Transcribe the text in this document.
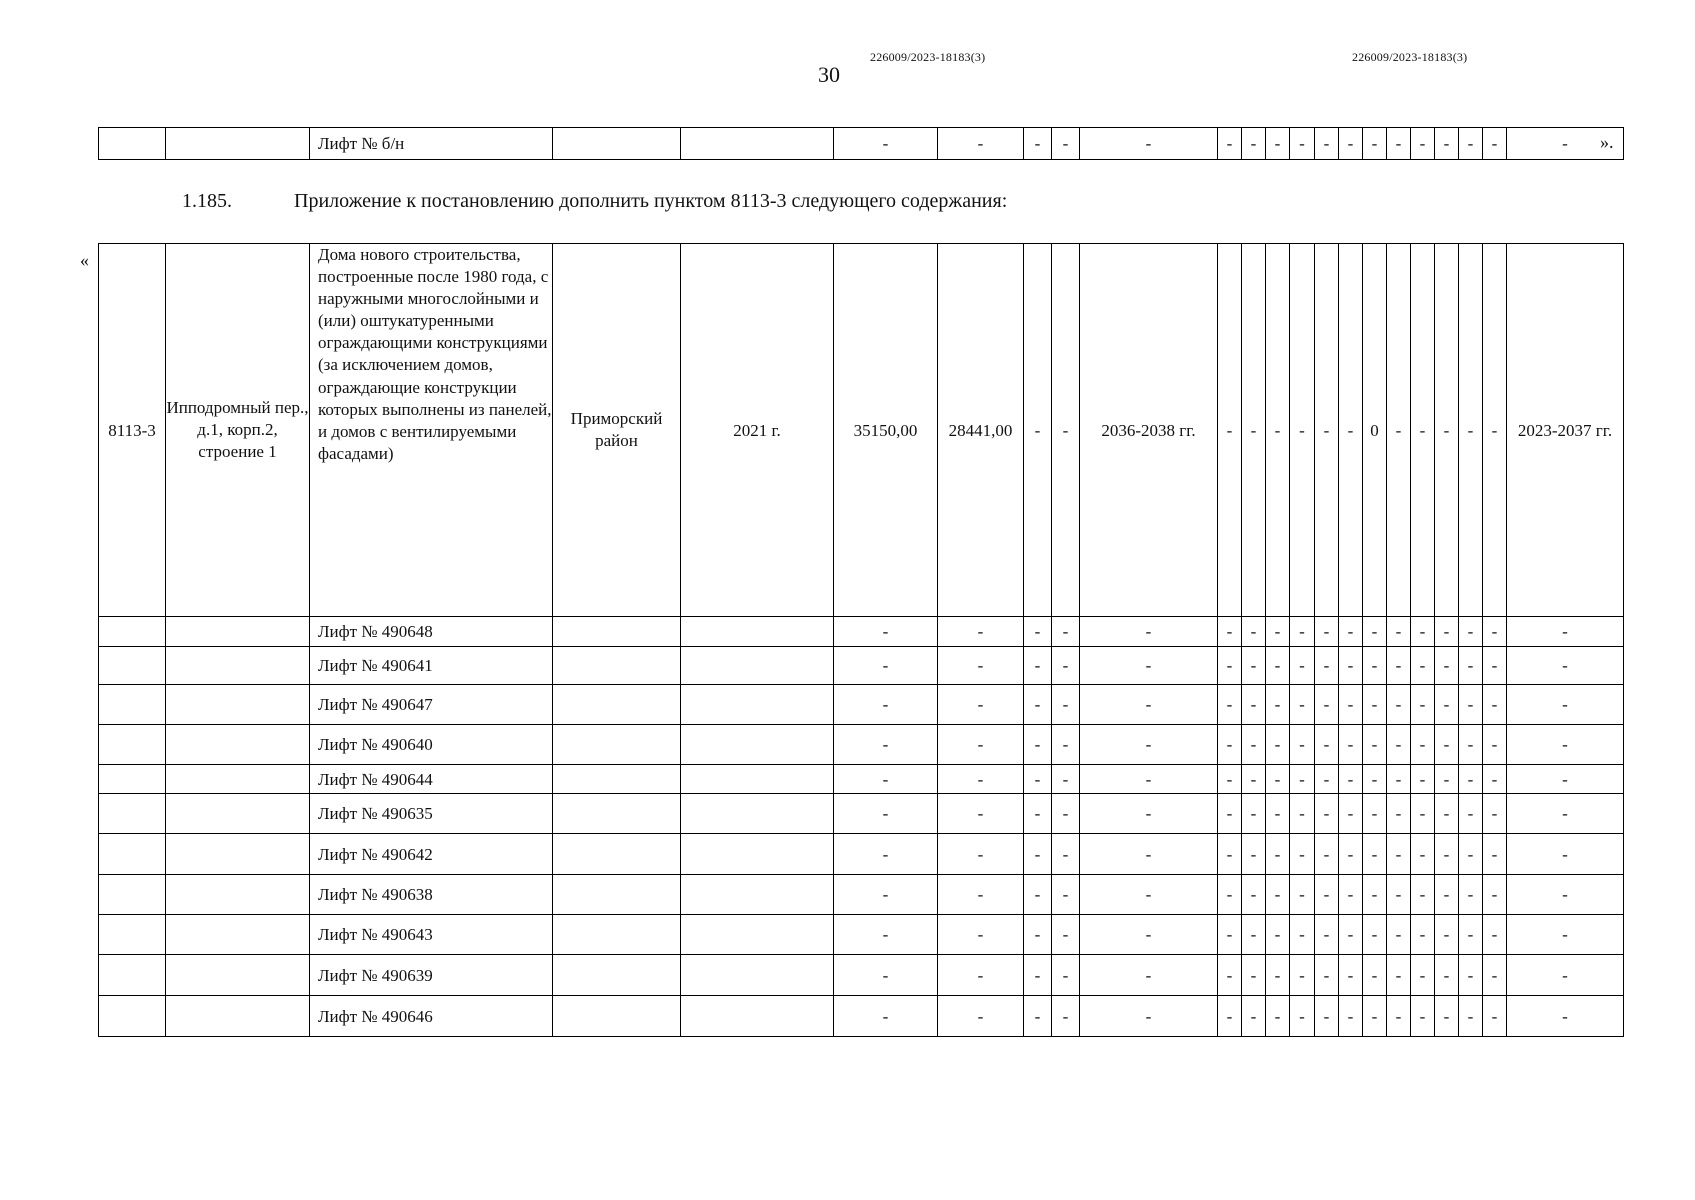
30
226009/2023-18183(3)	226009/2023-18183(3)
		Лифт № б/н			-	-	-	-	-	-	-	-	-	-	-	-	-	-	-	-	-	- ».
1.185.	Приложение к постановлению дополнить пунктом 8113-3 следующего содержания:
«
8113-3	Ипподромный пер., д.1, корп.2, строение 1	Дома нового строительства, построенные после 1980 года, с наружными многослойными и (или) оштукатуренными ограждающими конструкциями (за исключением домов, ограждающие конструкции которых выполнены из панелей, и домов с вентилируемыми фасадами)	Приморский район	2021 г.	35150,00	28441,00	-	-	2036-2038 гг.	-	-	-	-	-	-	0	-	-	-	-	-	2023-2037 гг.
		Лифт № 490648			-	-	-	-	-	-	-	-	-	-	-	-	-	-	-	-	-	-
		Лифт № 490641			-	-	-	-	-	-	-	-	-	-	-	-	-	-	-	-	-	-
		Лифт № 490647			-	-	-	-	-	-	-	-	-	-	-	-	-	-	-	-	-	-
		Лифт № 490640			-	-	-	-	-	-	-	-	-	-	-	-	-	-	-	-	-	-
		Лифт № 490644			-	-	-	-	-	-	-	-	-	-	-	-	-	-	-	-	-	-
		Лифт № 490635			-	-	-	-	-	-	-	-	-	-	-	-	-	-	-	-	-	-
		Лифт № 490642			-	-	-	-	-	-	-	-	-	-	-	-	-	-	-	-	-	-
		Лифт № 490638			-	-	-	-	-	-	-	-	-	-	-	-	-	-	-	-	-	-
		Лифт № 490643			-	-	-	-	-	-	-	-	-	-	-	-	-	-	-	-	-	-
		Лифт № 490639			-	-	-	-	-	-	-	-	-	-	-	-	-	-	-	-	-	-
		Лифт № 490646			-	-	-	-	-	-	-	-	-	-	-	-	-	-	-	-	-	-
